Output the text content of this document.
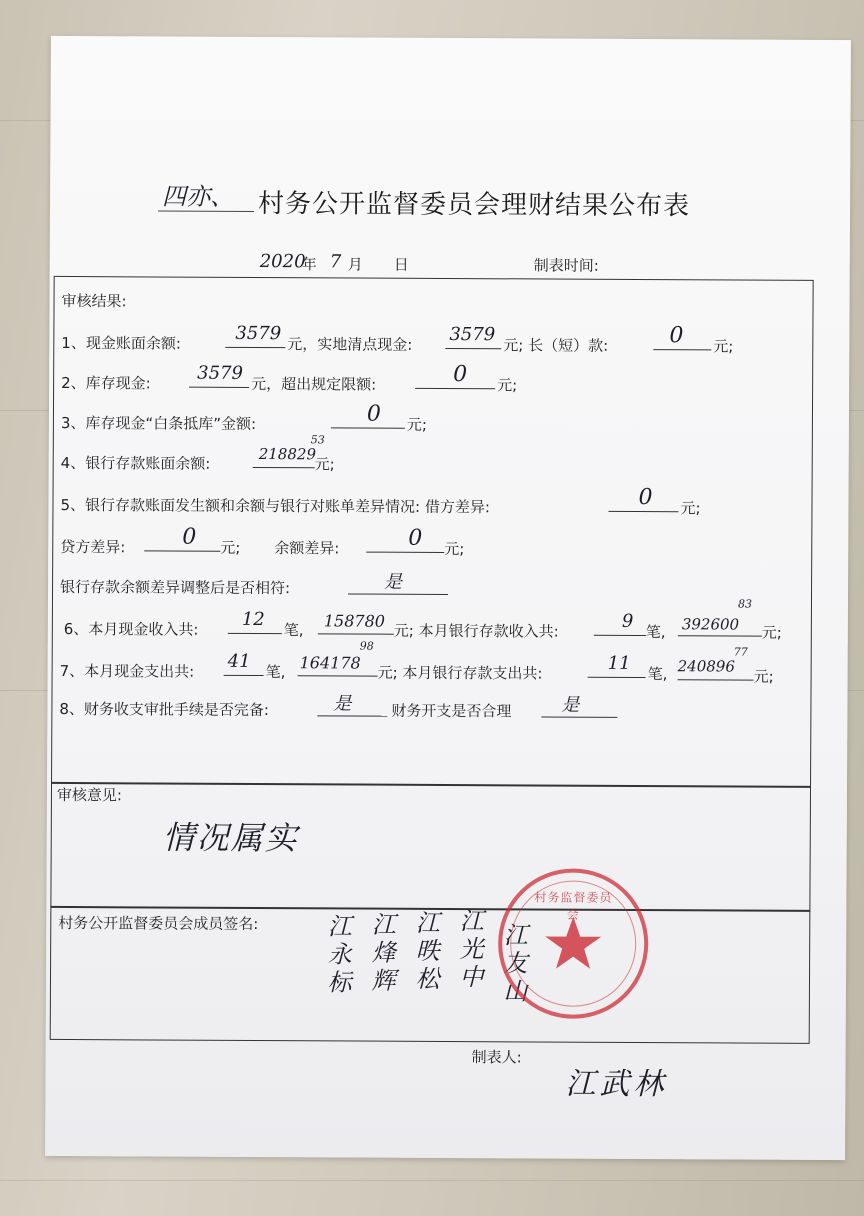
四亦、 村务公开监督委员会理财结果公布表
2020
年 7 月 日	制表时间:
审核结果:
1、现金账面余额:	3579
元，实地清点现金: 3579
元; 长（短）款:	0 元;
2、库存现金:	3579
元，超出规定限额:	0 元;
3、库存现金“白条抵库”金额:	0 元;
4、银行存款账面余额:	218829
53
元;
5、银行存款账面发生额和余额与银行对账单差异情况: 借方差异:	0 元;
贷方差异:	0 元; 余额差异:	0 元;
银行存款余额差异调整后是否相符:	是
6、本月现金收入共: 12
笔, 158780
元; 本月银行存款收入共:	9
笔, 392600
83
元;
7、本月现金支出共: 41
笔, 164178
98
元; 本月银行存款支出共:	11
笔, 240896
77
元;
8、财务收支审批手续是否完备:	是	财务开支是否合理	是
审核意见:
情况属实
村务公开监督委员会成员签名:	江永标 江烽辉 江昳松 江光中 江友山
村务监督委员会
制表人:
江武林
